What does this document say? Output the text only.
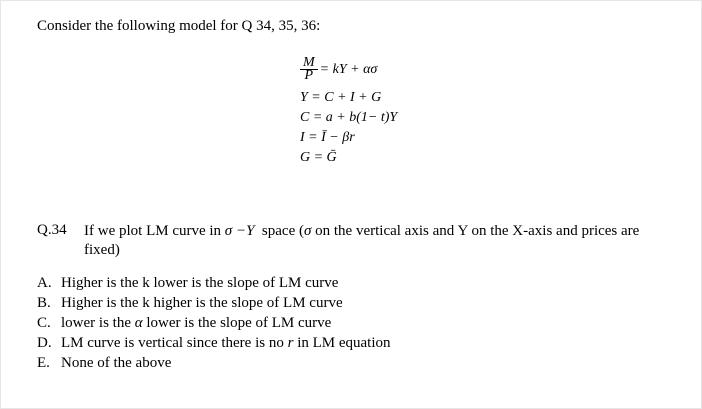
Consider the following model for Q 34, 35, 36:
$\frac{M}{P}$ = kY + ασ
Y = C + I + G
C = a + b(1− t)Y
I = Ī − βr
G = Ḡ
Q.34 If we plot LM curve in σ −Y space (σ on the vertical axis and Y on the X-axis and prices are fixed)
A. Higher is the k lower is the slope of LM curve
B. Higher is the k higher is the slope of LM curve
C. lower is the α lower is the slope of LM curve
D. LM curve is vertical since there is no r in LM equation
E. None of the above
